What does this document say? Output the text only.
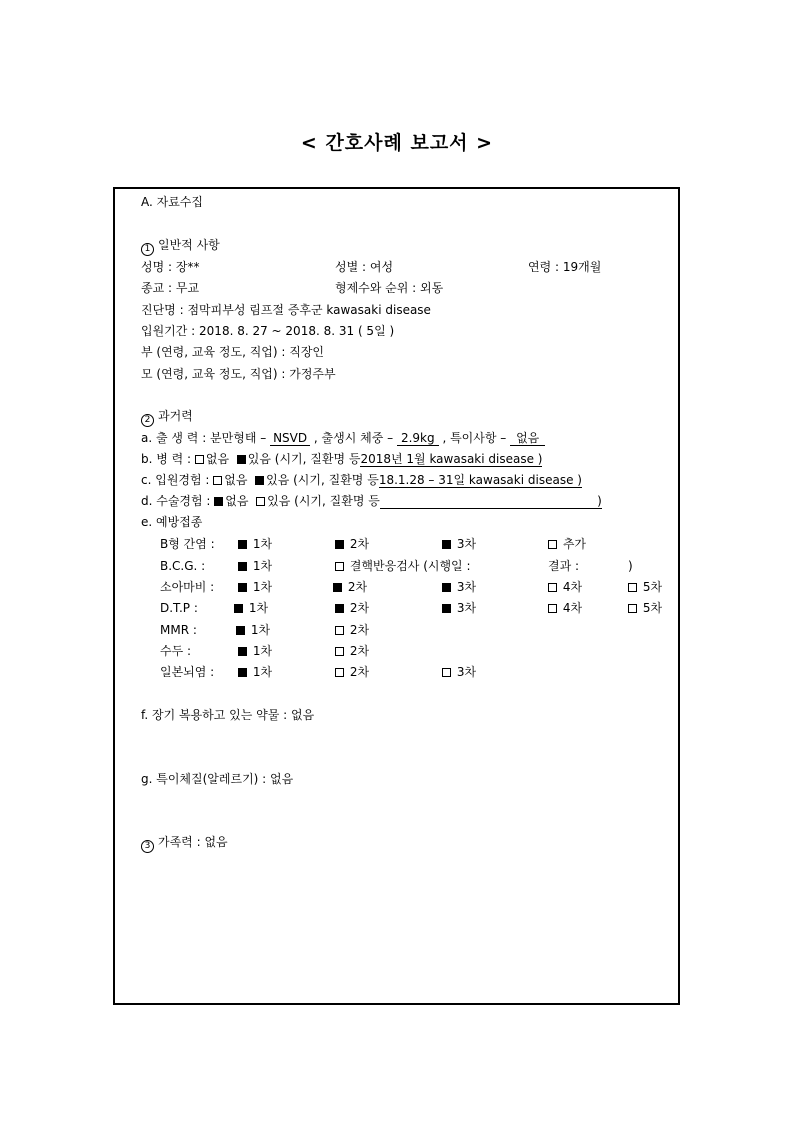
< 간호사례 보고서 >
A. 자료수집
1 일반적 사항
성명 : 장**	성별 : 여성	연령 : 19개월
종교 : 무교	형제수와 순위 : 외동
진단명 : 점막피부성 림프절 증후군 kawasaki disease
입원기간 : 2018. 8. 27 ~ 2018. 8. 31 ( 5일 )
부 (연령, 교육 정도, 직업) : 직장인
모 (연령, 교육 정도, 직업) : 가정주부
2 과거력
a. 출 생 력 : 분만형태 – NSVD , 출생시 체중 – 2.9kg , 특이사항 – 없음
b. 병 력 : 없음 있음 (시기, 질환명 등2018년 1월 kawasaki disease )
c. 입원경험 : 없음 있음 (시기, 질환명 등18.1.28 – 31일 kawasaki disease )
d. 수술경험 : 없음 있음 (시기, 질환명 등	)
e. 예방접종
B형 간염 :	1차	2차	3차	추가
B.C.G. :	1차	결핵반응검사 (시행일 :	결과 :	)
소아마비 :	1차	2차	3차	4차	5차
D.T.P :	1차	2차	3차	4차	5차
MMR :	1차	2차
수두 :	1차	2차
일본뇌염 :	1차	2차	3차
f. 장기 복용하고 있는 약물 : 없음
g. 특이체질(알레르기) : 없음
3 가족력 : 없음
